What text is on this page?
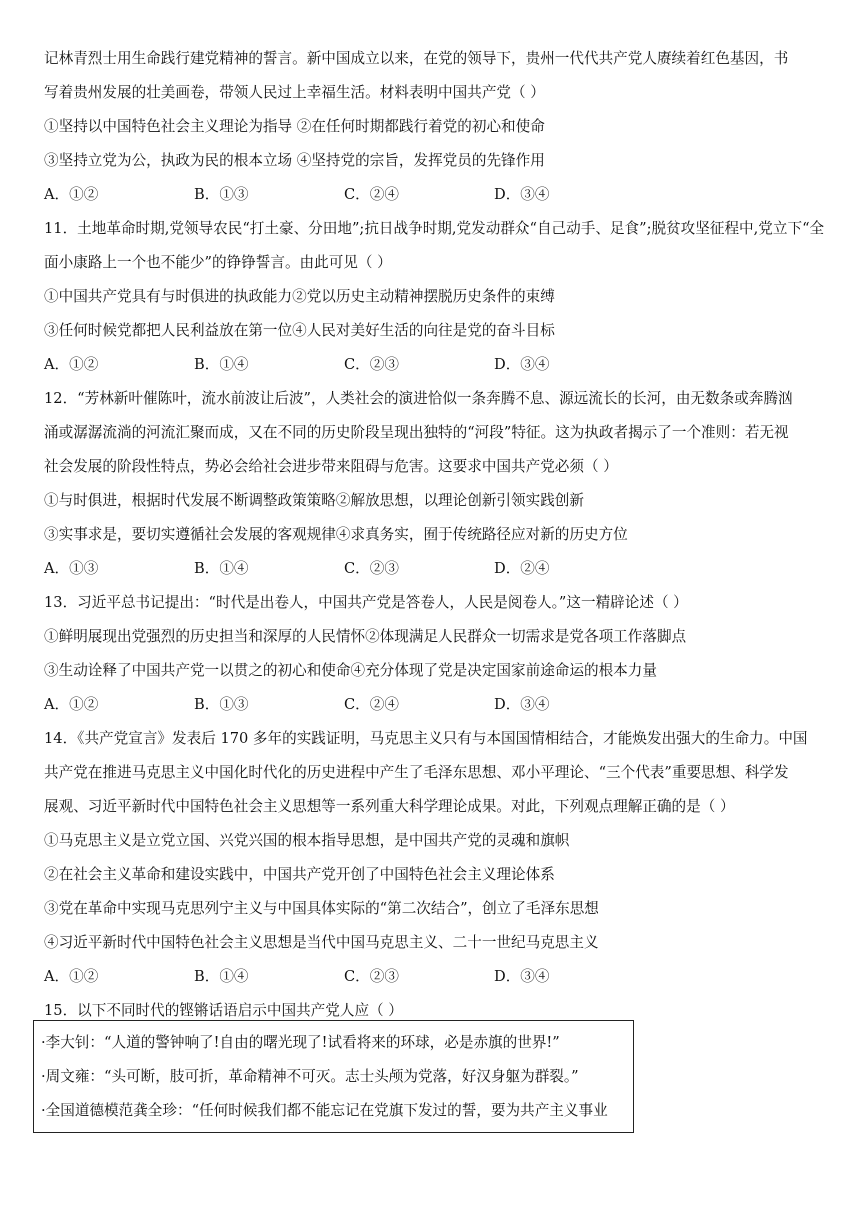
记林青烈士用生命践行建党精神的誓言。新中国成立以来，在党的领导下，贵州一代代共产党人赓续着红色基因，书
写着贵州发展的壮美画卷，带领人民过上幸福生活。材料表明中国共产党（ ）
①坚持以中国特色社会主义理论为指导 ②在任何时期都践行着党的初心和使命
③坚持立党为公，执政为民的根本立场 ④坚持党的宗旨，发挥党员的先锋作用
A．①②	B．①③	C．②④	D．③④
11．土地革命时期,党领导农民“打土豪、分田地”;抗日战争时期,党发动群众“自己动手、足食”;脱贫攻坚征程中,党立下“全
面小康路上一个也不能少”的铮铮誓言。由此可见（ ）
①中国共产党具有与时俱进的执政能力②党以历史主动精神摆脱历史条件的束缚
③任何时候党都把人民利益放在第一位④人民对美好生活的向往是党的奋斗目标
A．①②	B．①④	C．②③	D．③④
12．“芳林新叶催陈叶，流水前波让后波”，人类社会的演进恰似一条奔腾不息、源远流长的长河，由无数条或奔腾汹
涌或潺潺流淌的河流汇聚而成，又在不同的历史阶段呈现出独特的“河段”特征。这为执政者揭示了一个准则：若无视
社会发展的阶段性特点，势必会给社会进步带来阻碍与危害。这要求中国共产党必须（ ）
①与时俱进，根据时代发展不断调整政策策略②解放思想，以理论创新引领实践创新
③实事求是，要切实遵循社会发展的客观规律④求真务实，囿于传统路径应对新的历史方位
A．①③	B．①④	C．②③	D．②④
13．习近平总书记提出：“时代是出卷人，中国共产党是答卷人，人民是阅卷人。”这一精辟论述（ ）
①鲜明展现出党强烈的历史担当和深厚的人民情怀②体现满足人民群众一切需求是党各项工作落脚点
③生动诠释了中国共产党一以贯之的初心和使命④充分体现了党是决定国家前途命运的根本力量
A．①②	B．①③	C．②④	D．③④
14．《共产党宣言》发表后 170 多年的实践证明，马克思主义只有与本国国情相结合，才能焕发出强大的生命力。中国
共产党在推进马克思主义中国化时代化的历史进程中产生了毛泽东思想、邓小平理论、“三个代表”重要思想、科学发
展观、习近平新时代中国特色社会主义思想等一系列重大科学理论成果。对此，下列观点理解正确的是（ ）
①马克思主义是立党立国、兴党兴国的根本指导思想，是中国共产党的灵魂和旗帜
②在社会主义革命和建设实践中，中国共产党开创了中国特色社会主义理论体系
③党在革命中实现马克思列宁主义与中国具体实际的“第二次结合”，创立了毛泽东思想
④习近平新时代中国特色社会主义思想是当代中国马克思主义、二十一世纪马克思主义
A．①②	B．①④	C．②③	D．③④
15．以下不同时代的铿锵话语启示中国共产党人应（ ）
·李大钊：“人道的警钟响了!自由的曙光现了!试看将来的环球，必是赤旗的世界!”
·周文雍：“头可断，肢可折，革命精神不可灭。志士头颅为党落，好汉身躯为群裂。”
·全国道德模范龚全珍：“任何时候我们都不能忘记在党旗下发过的誓，要为共产主义事业
